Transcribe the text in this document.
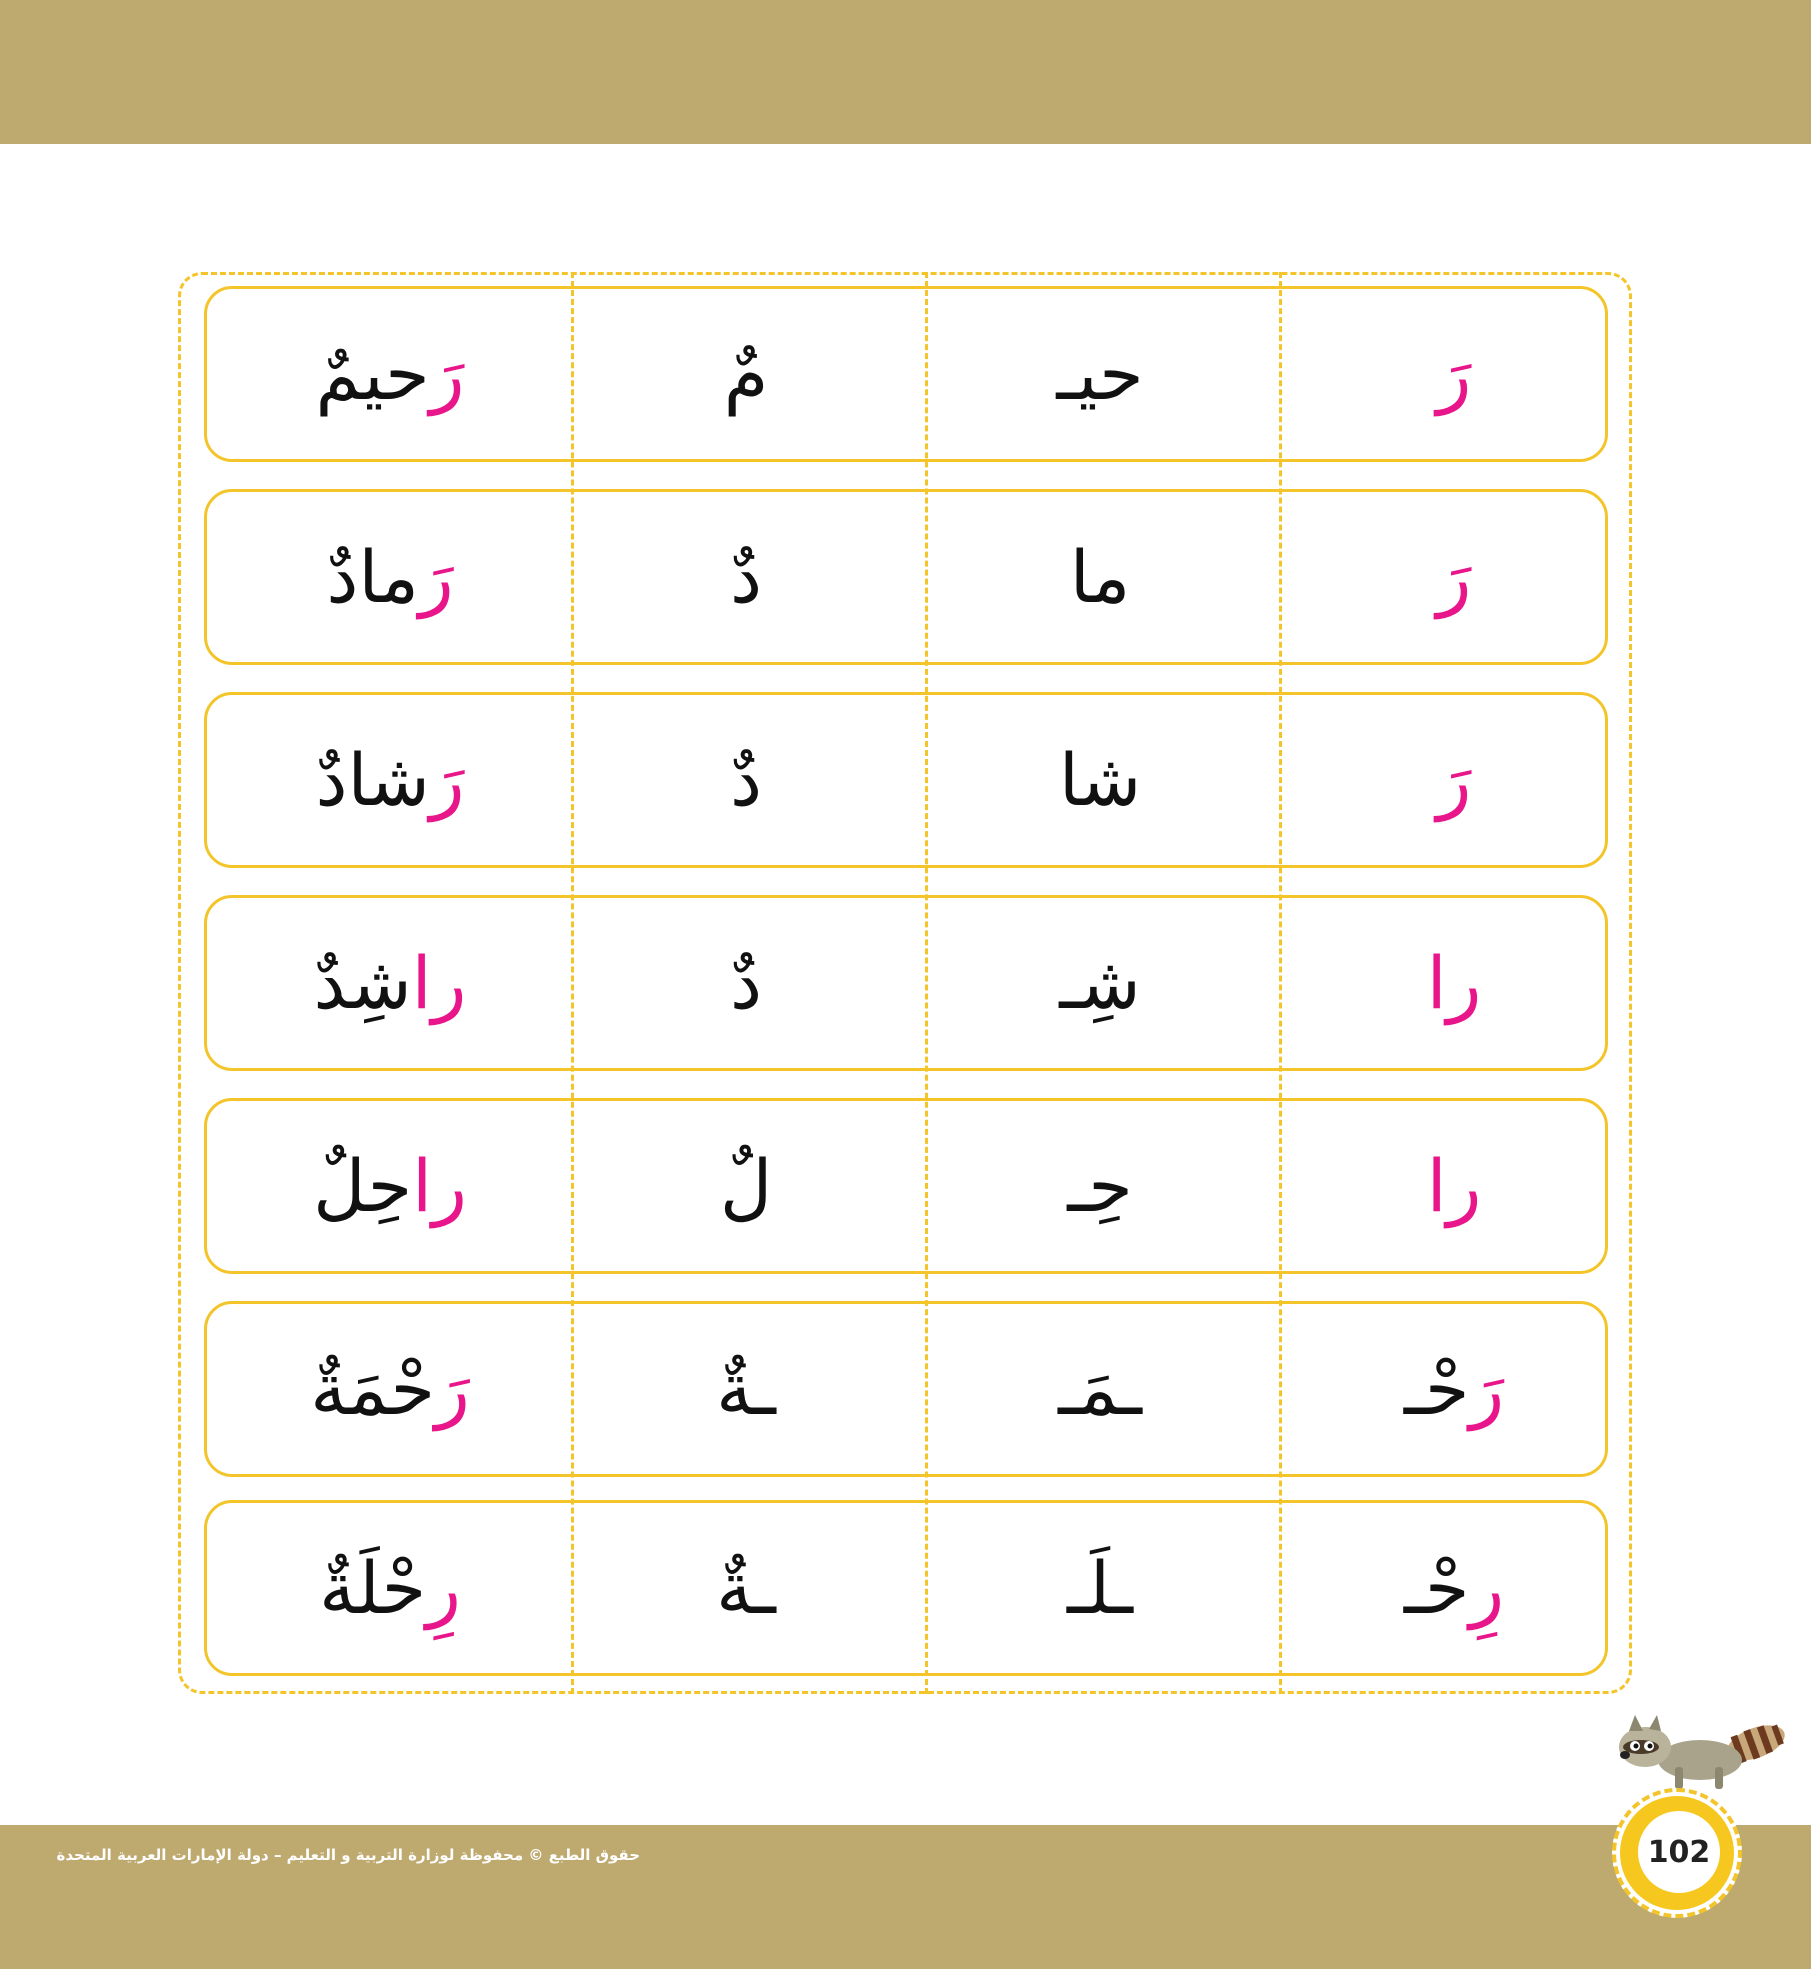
رَ
حيـ
مٌ
رَ
حيمٌ
رَ
ما
دٌ
رَ
مادٌ
رَ
شا
دٌ
رَ
شادٌ
را
شِـ
دٌ
را
شِدٌ
را
حِـ
لٌ
را
حِلٌ
رَ
حْـ
ـمَـ
ـةٌ
رَ
حْمَةٌ
رِ
حْـ
ـلَـ
ـةٌ
رِ
حْلَةٌ
حقوق الطبع © محفوظة لوزارة التربية و التعليم – دولة الإمارات العربية المتحدة	102
